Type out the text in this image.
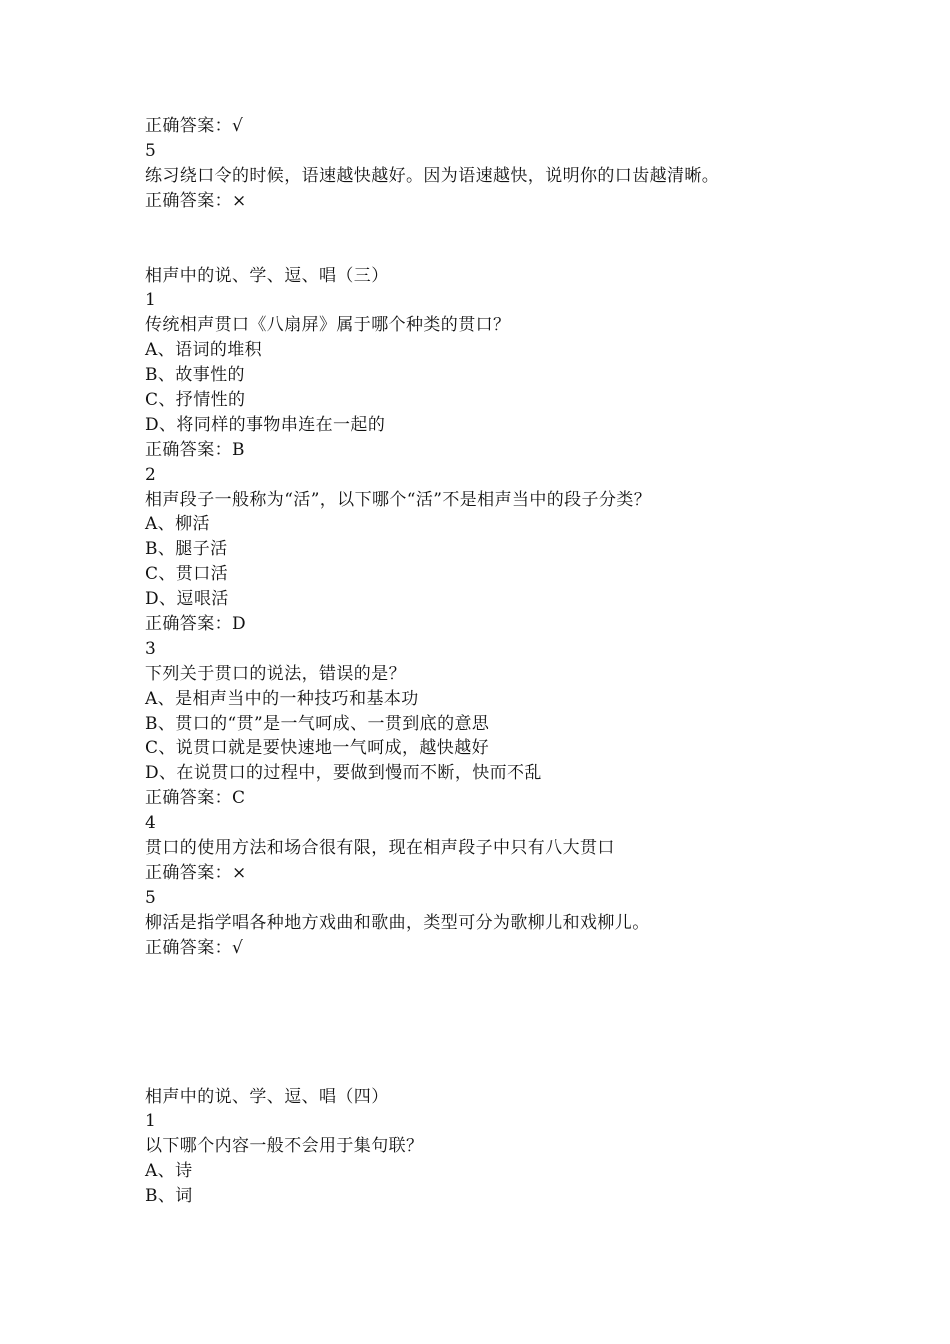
正确答案：√
5
练习绕口令的时候，语速越快越好。因为语速越快，说明你的口齿越清晰。
正确答案：×
相声中的说、学、逗、唱（三）
1
传统相声贯口《八扇屏》属于哪个种类的贯口？
A、语词的堆积
B、故事性的
C、抒情性的
D、将同样的事物串连在一起的
正确答案：B
2
相声段子一般称为“活”，以下哪个“活”不是相声当中的段子分类？
A、柳活
B、腿子活
C、贯口活
D、逗哏活
正确答案：D
3
下列关于贯口的说法，错误的是？
A、是相声当中的一种技巧和基本功
B、贯口的“贯”是一气呵成、一贯到底的意思
C、说贯口就是要快速地一气呵成，越快越好
D、在说贯口的过程中，要做到慢而不断，快而不乱
正确答案：C
4
贯口的使用方法和场合很有限，现在相声段子中只有八大贯口
正确答案：×
5
柳活是指学唱各种地方戏曲和歌曲，类型可分为歌柳儿和戏柳儿。
正确答案：√
相声中的说、学、逗、唱（四）
1
以下哪个内容一般不会用于集句联？
A、诗
B、词
